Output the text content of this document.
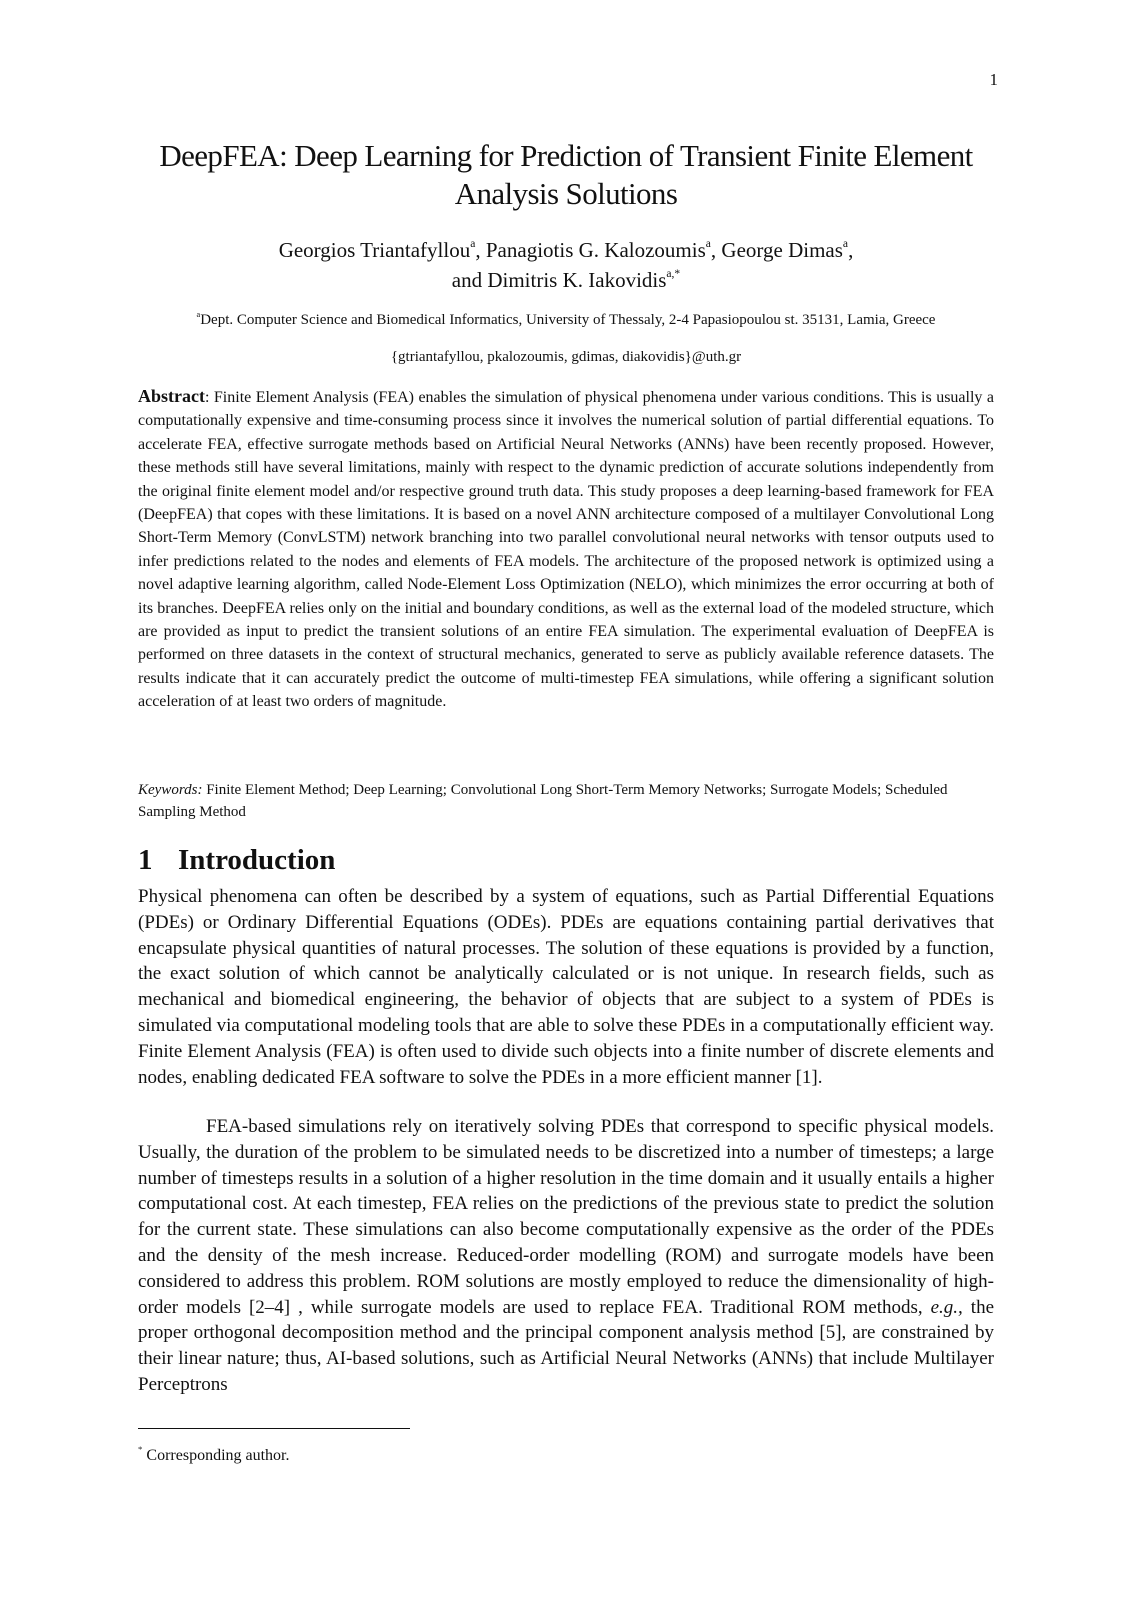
1
DeepFEA: Deep Learning for Prediction of Transient Finite Element Analysis Solutions
Georgios Triantafyllou$^a$, Panagiotis G. Kalozoumis$^a$, George Dimas$^a$,
and Dimitris K. Iakovidis$^{a,*}$
$^a$Dept. Computer Science and Biomedical Informatics, University of Thessaly, 2-4 Papasiopoulou st. 35131, Lamia, Greece
{gtriantafyllou, pkalozoumis, gdimas, diakovidis}@uth.gr

Abstract: Finite Element Analysis (FEA) enables the simulation of physical phenomena under various conditions. This is usually a computationally expensive and time-consuming process since it involves the numerical solution of partial differential equations. To accelerate FEA, effective surrogate methods based on Artificial Neural Networks (ANNs) have been recently proposed. However, these methods still have several limitations, mainly with respect to the dynamic prediction of accurate solutions independently from the original finite element model and/or respective ground truth data. This study proposes a deep learning-based framework for FEA (DeepFEA) that copes with these limitations. It is based on a novel ANN architecture composed of a multilayer Convolutional Long Short-Term Memory (ConvLSTM) network branching into two parallel convolutional neural networks with tensor outputs used to infer predictions related to the nodes and elements of FEA models. The architecture of the proposed network is optimized using a novel adaptive learning algorithm, called Node-Element Loss Optimization (NELO), which minimizes the error occurring at both of its branches. DeepFEA relies only on the initial and boundary conditions, as well as the external load of the modeled structure, which are provided as input to predict the transient solutions of an entire FEA simulation. The experimental evaluation of DeepFEA is performed on three datasets in the context of structural mechanics, generated to serve as publicly available reference datasets. The results indicate that it can accurately predict the outcome of multi-timestep FEA simulations, while offering a significant solution acceleration of at least two orders of magnitude.

Keywords: Finite Element Method; Deep Learning; Convolutional Long Short-Term Memory Networks; Surrogate Models; Scheduled Sampling Method

1 Introduction

Physical phenomena can often be described by a system of equations, such as Partial Differential Equations (PDEs) or Ordinary Differential Equations (ODEs). PDEs are equations containing partial derivatives that encapsulate physical quantities of natural processes. The solution of these equations is provided by a function, the exact solution of which cannot be analytically calculated or is not unique. In research fields, such as mechanical and biomedical engineering, the behavior of objects that are subject to a system of PDEs is simulated via computational modeling tools that are able to solve these PDEs in a computationally efficient way. Finite Element Analysis (FEA) is often used to divide such objects into a finite number of discrete elements and nodes, enabling dedicated FEA software to solve the PDEs in a more efficient manner [1].

FEA-based simulations rely on iteratively solving PDEs that correspond to specific physical models. Usually, the duration of the problem to be simulated needs to be discretized into a number of timesteps; a large number of timesteps results in a solution of a higher resolution in the time domain and it usually entails a higher computational cost. At each timestep, FEA relies on the predictions of the previous state to predict the solution for the current state. These simulations can also become computationally expensive as the order of the PDEs and the density of the mesh increase. Reduced-order modelling (ROM) and surrogate models have been considered to address this problem. ROM solutions are mostly employed to reduce the dimensionality of high-order models [2–4] , while surrogate models are used to replace FEA. Traditional ROM methods, e.g., the proper orthogonal decomposition method and the principal component analysis method [5], are constrained by their linear nature; thus, AI-based solutions, such as Artificial Neural Networks (ANNs) that include Multilayer Perceptrons

* Corresponding author.
